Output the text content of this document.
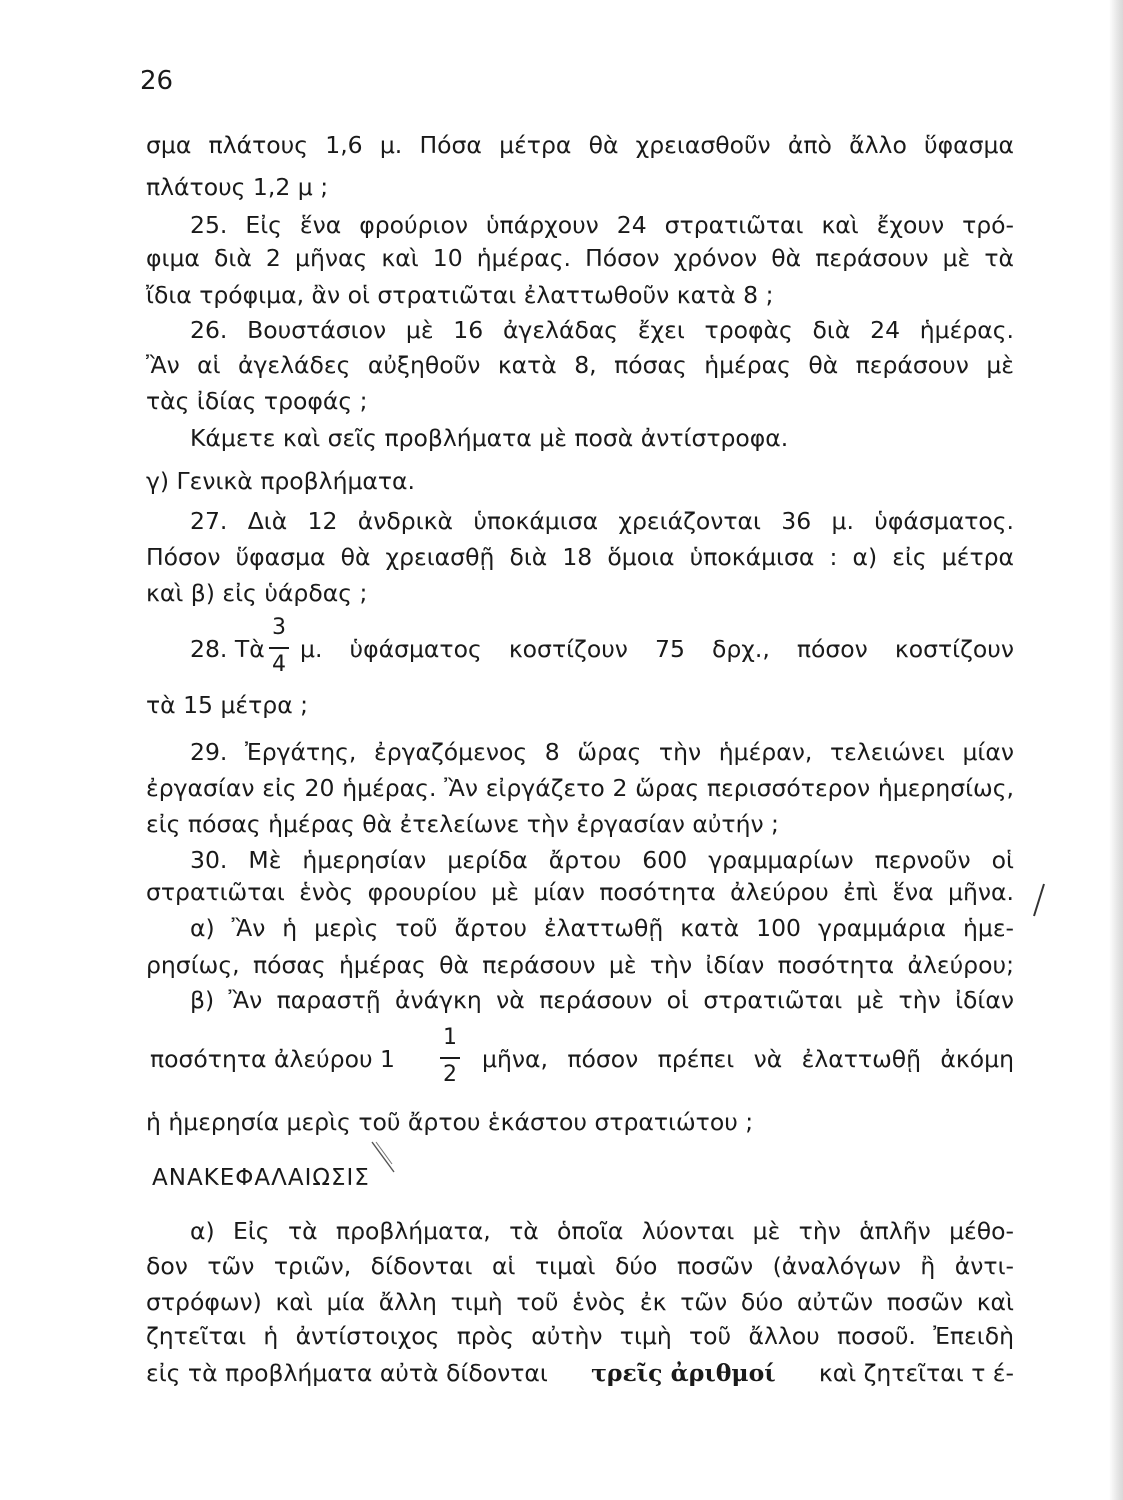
26
σμα πλάτους 1,6 μ. Πόσα μέτρα θὰ χρειασθοῦν ἀπὸ ἄλλο ὕφασμα
πλάτους 1,2 μ ;
25. Εἰς ἕνα φρούριον ὑπάρχουν 24 στρατιῶται καὶ ἔχουν τρό-
φιμα διὰ 2 μῆνας καὶ 10 ἡμέρας. Πόσον χρόνον θὰ περάσουν μὲ τὰ
ἴδια τρόφιμα, ἂν οἱ στρατιῶται ἐλαττωθοῦν κατὰ 8 ;
26. Βουστάσιον μὲ 16 ἀγελάδας ἔχει τροφὰς διὰ 24 ἡμέρας.
Ἂν αἱ ἀγελάδες αὐξηθοῦν κατὰ 8, πόσας ἡμέρας θὰ περάσουν μὲ
τὰς ἰδίας τροφάς ;
Κάμετε καὶ σεῖς προβλήματα μὲ ποσὰ ἀντίστροφα.
γ) Γενικὰ προβλήματα.
27. Διὰ 12 ἀνδρικὰ ὑποκάμισα χρειάζονται 36 μ. ὑφάσματος.
Πόσον ὕφασμα θὰ χρειασθῇ διὰ 18 ὅμοια ὑποκάμισα : α) εἰς μέτρα
καὶ β) εἰς ὑάρδας ;
28. Τὰ
3
4
μ. ὑφάσματος κοστίζουν 75 δρχ., πόσον κοστίζουν
τὰ 15 μέτρα ;
29. Ἐργάτης, ἐργαζόμενος 8 ὥρας τὴν ἡμέραν, τελειώνει μίαν
ἐργασίαν εἰς 20 ἡμέρας. Ἂν εἰργάζετο 2 ὥρας περισσότερον ἡμερησίως,
εἰς πόσας ἡμέρας θὰ ἐτελείωνε τὴν ἐργασίαν αὐτήν ;
30. Μὲ ἡμερησίαν μερίδα ἄρτου 600 γραμμαρίων περνοῦν οἱ
στρατιῶται ἑνὸς φρουρίου μὲ μίαν ποσότητα ἀλεύρου ἐπὶ ἕνα μῆνα.
α) Ἂν ἡ μερὶς τοῦ ἄρτου ἐλαττωθῇ κατὰ 100 γραμμάρια ἡμε-
ρησίως, πόσας ἡμέρας θὰ περάσουν μὲ τὴν ἰδίαν ποσότητα ἀλεύρου;
β) Ἂν παραστῇ ἀνάγκη νὰ περάσουν οἱ στρατιῶται μὲ τὴν ἰδίαν
ποσότητα ἀλεύρου 1
1
2
μῆνα, πόσον πρέπει νὰ ἐλαττωθῇ ἀκόμη
ἡ ἡμερησία μερὶς τοῦ ἄρτου ἑκάστου στρατιώτου ;
ΑΝΑΚΕΦΑΛΑΙΩΣΙΣ
α) Εἰς τὰ προβλήματα, τὰ ὁποῖα λύονται μὲ τὴν ἁπλῆν μέθο-
δον τῶν τριῶν, δίδονται αἱ τιμαὶ δύο ποσῶν (ἀναλόγων ἢ ἀντι-
στρόφων) καὶ μία ἄλλη τιμὴ τοῦ ἑνὸς ἐκ τῶν δύο αὐτῶν ποσῶν καὶ
ζητεῖται ἡ ἀντίστοιχος πρὸς αὐτὴν τιμὴ τοῦ ἄλλου ποσοῦ. Ἐπειδὴ
εἰς τὰ προβλήματα αὐτὰ δίδονται τρεῖς ἀριθμοί καὶ ζητεῖται τ έ-
